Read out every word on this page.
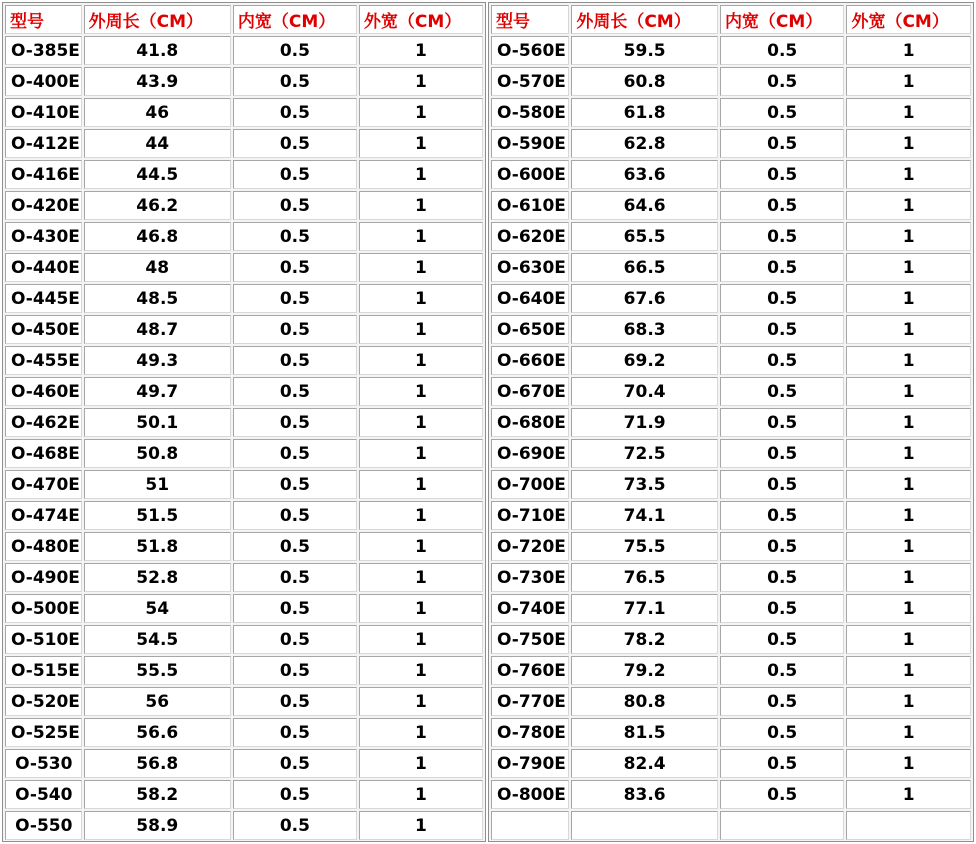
型号	外周长（CM）	内宽（CM）	外宽（CM）
O-385E	41.8	0.5	1
O-400E	43.9	0.5	1
O-410E	46	0.5	1
O-412E	44	0.5	1
O-416E	44.5	0.5	1
O-420E	46.2	0.5	1
O-430E	46.8	0.5	1
O-440E	48	0.5	1
O-445E	48.5	0.5	1
O-450E	48.7	0.5	1
O-455E	49.3	0.5	1
O-460E	49.7	0.5	1
O-462E	50.1	0.5	1
O-468E	50.8	0.5	1
O-470E	51	0.5	1
O-474E	51.5	0.5	1
O-480E	51.8	0.5	1
O-490E	52.8	0.5	1
O-500E	54	0.5	1
O-510E	54.5	0.5	1
O-515E	55.5	0.5	1
O-520E	56	0.5	1
O-525E	56.6	0.5	1
O-530	56.8	0.5	1
O-540	58.2	0.5	1
O-550	58.9	0.5	1
型号	外周长（CM）	内宽（CM）	外宽（CM）
O-560E	59.5	0.5	1
O-570E	60.8	0.5	1
O-580E	61.8	0.5	1
O-590E	62.8	0.5	1
O-600E	63.6	0.5	1
O-610E	64.6	0.5	1
O-620E	65.5	0.5	1
O-630E	66.5	0.5	1
O-640E	67.6	0.5	1
O-650E	68.3	0.5	1
O-660E	69.2	0.5	1
O-670E	70.4	0.5	1
O-680E	71.9	0.5	1
O-690E	72.5	0.5	1
O-700E	73.5	0.5	1
O-710E	74.1	0.5	1
O-720E	75.5	0.5	1
O-730E	76.5	0.5	1
O-740E	77.1	0.5	1
O-750E	78.2	0.5	1
O-760E	79.2	0.5	1
O-770E	80.8	0.5	1
O-780E	81.5	0.5	1
O-790E	82.4	0.5	1
O-800E	83.6	0.5	1
